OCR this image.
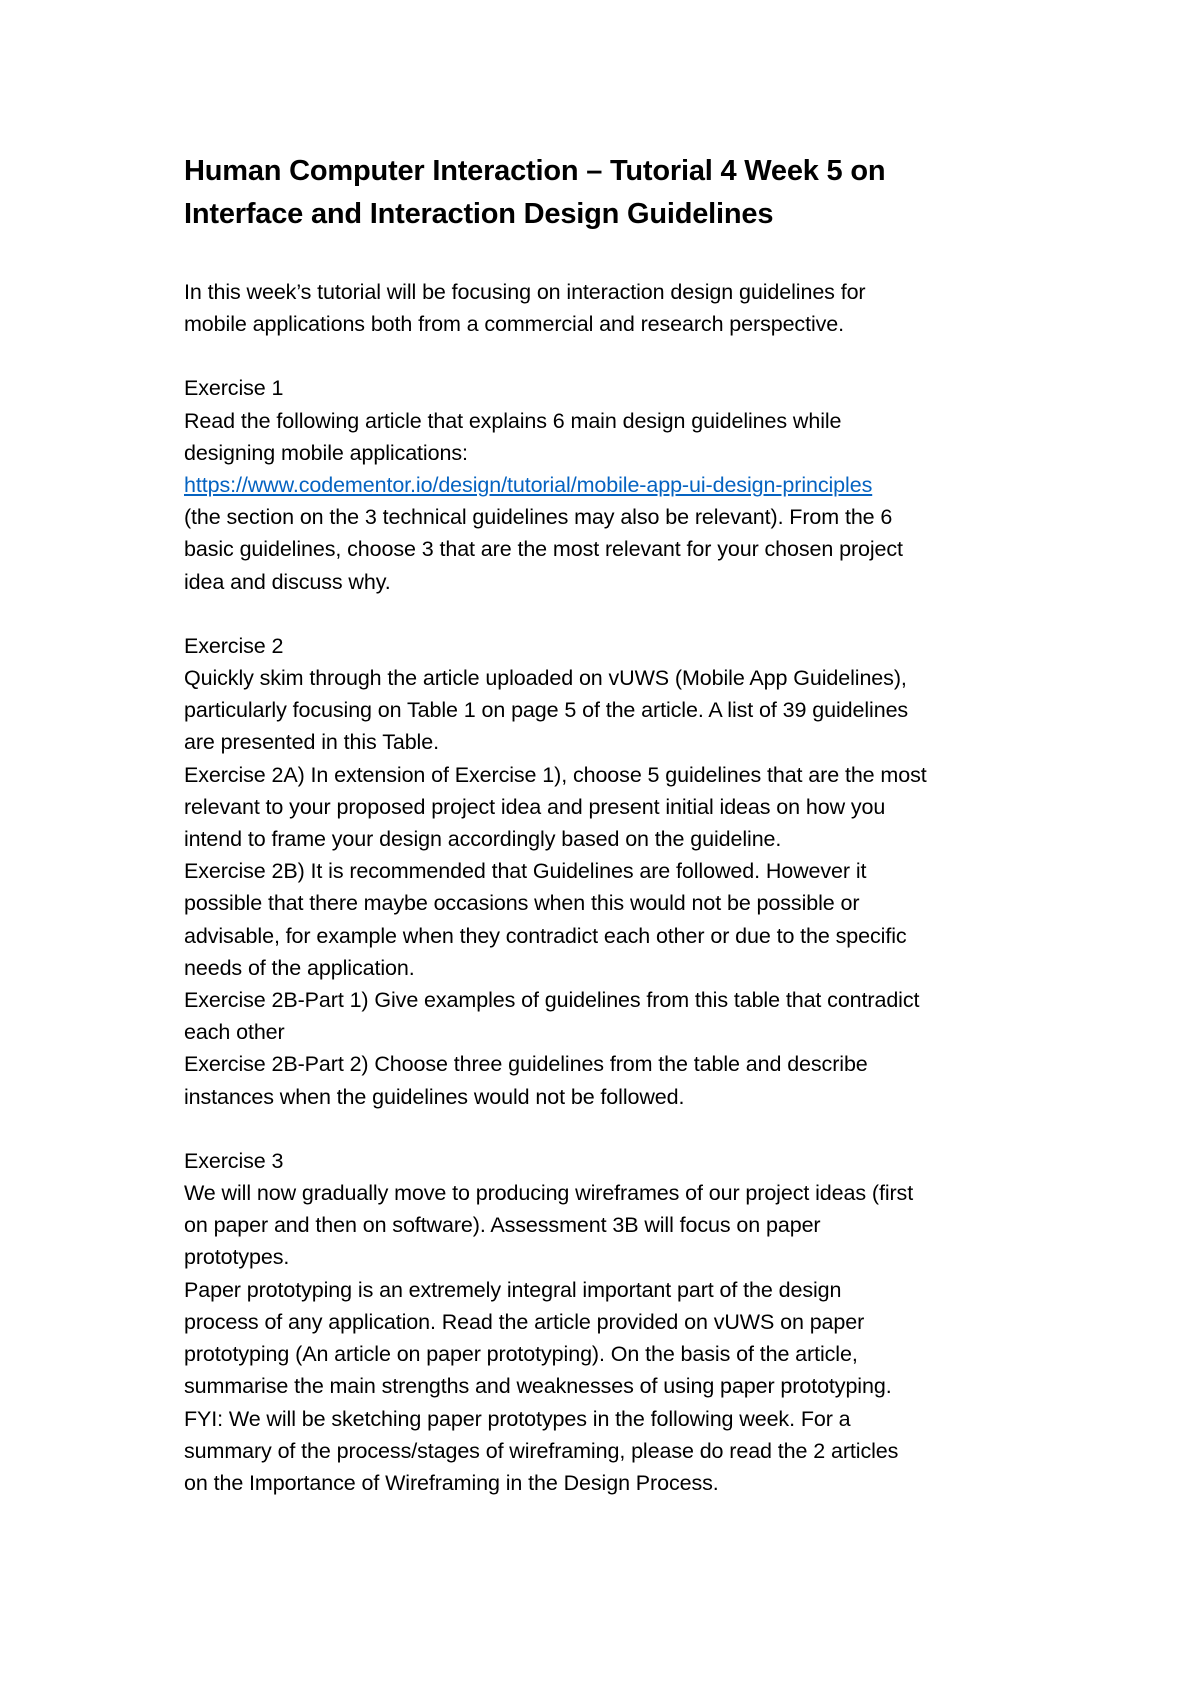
Human Computer Interaction – Tutorial 4 Week 5 on
Interface and Interaction Design Guidelines
In this week’s tutorial will be focusing on interaction design guidelines for
mobile applications both from a commercial and research perspective.
Exercise 1
Read the following article that explains 6 main design guidelines while
designing mobile applications:
https://www.codementor.io/design/tutorial/mobile-app-ui-design-principles
(the section on the 3 technical guidelines may also be relevant). From the 6
basic guidelines, choose 3 that are the most relevant for your chosen project
idea and discuss why.
Exercise 2
Quickly skim through the article uploaded on vUWS (Mobile App Guidelines),
particularly focusing on Table 1 on page 5 of the article. A list of 39 guidelines
are presented in this Table.
Exercise 2A) In extension of Exercise 1), choose 5 guidelines that are the most
relevant to your proposed project idea and present initial ideas on how you
intend to frame your design accordingly based on the guideline.
Exercise 2B) It is recommended that Guidelines are followed. However it
possible that there maybe occasions when this would not be possible or
advisable, for example when they contradict each other or due to the specific
needs of the application.
Exercise 2B-Part 1) Give examples of guidelines from this table that contradict
each other
Exercise 2B-Part 2) Choose three guidelines from the table and describe
instances when the guidelines would not be followed.
Exercise 3
We will now gradually move to producing wireframes of our project ideas (first
on paper and then on software). Assessment 3B will focus on paper
prototypes.
Paper prototyping is an extremely integral important part of the design
process of any application. Read the article provided on vUWS on paper
prototyping (An article on paper prototyping). On the basis of the article,
summarise the main strengths and weaknesses of using paper prototyping.
FYI: We will be sketching paper prototypes in the following week. For a
summary of the process/stages of wireframing, please do read the 2 articles
on the Importance of Wireframing in the Design Process.
